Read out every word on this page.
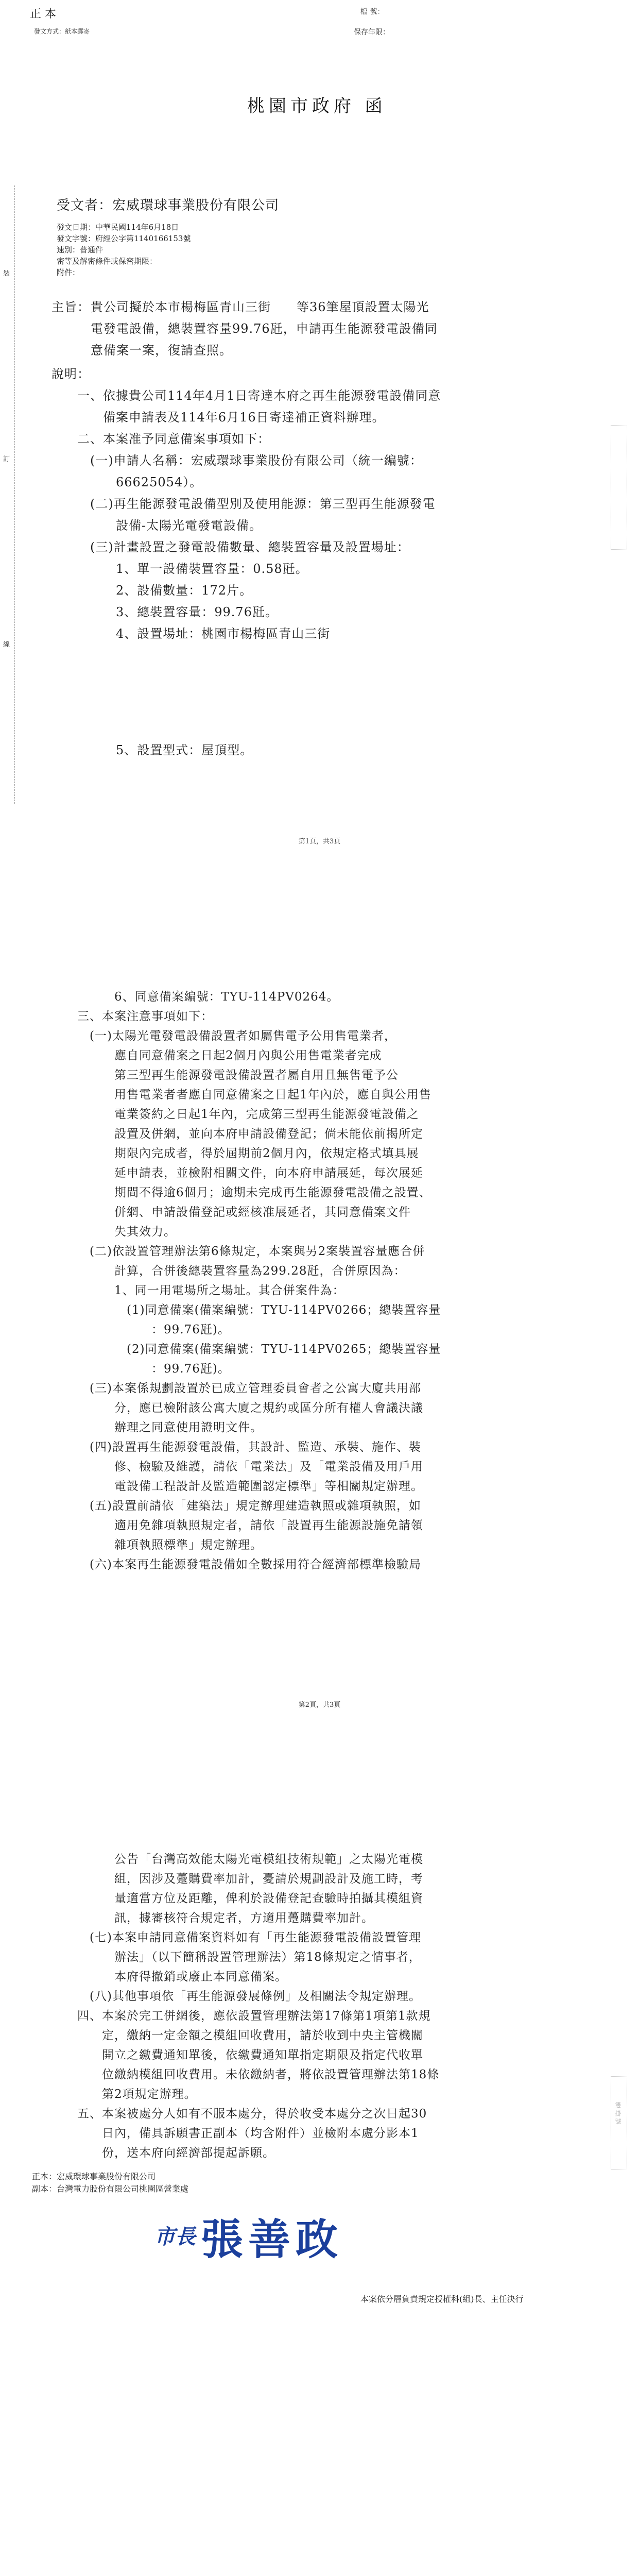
正 本
發文方式：紙本郵寄
檔 號：
保存年限：
桃園市政府 函
裝
訂
線
受文者：宏威環球事業股份有限公司
發文日期：中華民國114年6月18日
發文字號：府經公字第1140166153號
速別：普通件
密等及解密條件或保密期限：
附件：
主旨： 貴公司擬於本市楊梅區青山三街　　等36筆屋頂設置太陽光
電發電設備，總裝置容量99.76瓩，申請再生能源發電設備同
意備案一案，復請查照。
說明：
一、依據貴公司114年4月1日寄達本府之再生能源發電設備同意
　　備案申請表及114年6月16日寄達補正資料辦理。
二、本案准予同意備案事項如下：
　(一)申請人名稱：宏威環球事業股份有限公司（統一編號：
　　　66625054）。
　(二)再生能源發電設備型別及使用能源：第三型再生能源發電
　　　設備-太陽光電發電設備。
　(三)計畫設置之發電設備數量、總裝置容量及設置場址：
　　　1、單一設備裝置容量：0.58瓩。
　　　2、設備數量：172片。
　　　3、總裝置容量：99.76瓩。
　　　4、設置場址：桃園市楊梅區青山三街
　　　5、設置型式：屋頂型。
第1頁，共3頁
　　　6、同意備案編號：TYU-114PV0264。
三、本案注意事項如下：
　(一)太陽光電發電設備設置者如屬售電予公用售電業者，
　　　應自同意備案之日起2個月內與公用售電業者完成
　　　第三型再生能源發電設備設置者屬自用且無售電予公
　　　用售電業者者應自同意備案之日起1年內於，應自與公用售
　　　電業簽約之日起1年內，完成第三型再生能源發電設備之
　　　設置及併網，並向本府申請設備登記；倘未能依前揭所定
　　　期限內完成者，得於屆期前2個月內，依規定格式填具展
　　　延申請表，並檢附相關文件，向本府申請展延，每次展延
　　　期間不得逾6個月；逾期未完成再生能源發電設備之設置、
　　　併網、申請設備登記或經核准展延者，其同意備案文件
　　　失其效力。
　(二)依設置管理辦法第6條規定，本案與另2案裝置容量應合併
　　　計算，合併後總裝置容量為299.28瓩，合併原因為：
　　　1、同一用電場所之場址。其合併案件為：
　　　　(1)同意備案(備案編號：TYU-114PV0266；總裝置容量
　　　　　　：99.76瓩)。
　　　　(2)同意備案(備案編號：TYU-114PV0265；總裝置容量
　　　　　　：99.76瓩)。
　(三)本案係規劃設置於已成立管理委員會者之公寓大廈共用部
　　　分，應已檢附該公寓大廈之規約或區分所有權人會議決議
　　　辦理之同意使用證明文件。
　(四)設置再生能源發電設備，其設計、監造、承裝、施作、裝
　　　修、檢驗及維護，請依「電業法」及「電業設備及用戶用
　　　電設備工程設計及監造範圍認定標準」等相關規定辦理。
　(五)設置前請依「建築法」規定辦理建造執照或雜項執照，如
　　　適用免雜項執照規定者，請依「設置再生能源設施免請領
　　　雜項執照標準」規定辦理。
　(六)本案再生能源發電設備如全數採用符合經濟部標準檢驗局
第2頁，共3頁
　　　公告「台灣高效能太陽光電模組技術規範」之太陽光電模
　　　組，因涉及躉購費率加計，憂請於規劃設計及施工時，考
　　　量適當方位及距離，俾利於設備登記查驗時拍攝其模組資
　　　訊，據審核符合規定者，方適用躉購費率加計。
　(七)本案申請同意備案資料如有「再生能源發電設備設置管理
　　　辦法」（以下簡稱設置管理辦法）第18條規定之情事者，
　　　本府得撤銷或廢止本同意備案。
　(八)其他事項依「再生能源發展條例」及相關法令規定辦理。
四、本案於完工併網後，應依設置管理辦法第17條第1項第1款規
　　定，繳納一定金額之模組回收費用，請於收到中央主管機關
　　開立之繳費通知單後，依繳費通知單指定期限及指定代收單
　　位繳納模組回收費用。未依繳納者，將依設置管理辦法第18條
　　第2項規定辦理。
五、本案被處分人如有不服本處分，得於收受本處分之次日起30
　　日內，備具訴願書正副本（均含附件）並檢附本處分影本1
　　份，送本府向經濟部提起訴願。
正本：宏威環球事業股份有限公司
副本：台灣電力股份有限公司桃園區營業處
市長 張善政
本案依分層負責規定授權科(組)長、主任決行
雙 掛 號
